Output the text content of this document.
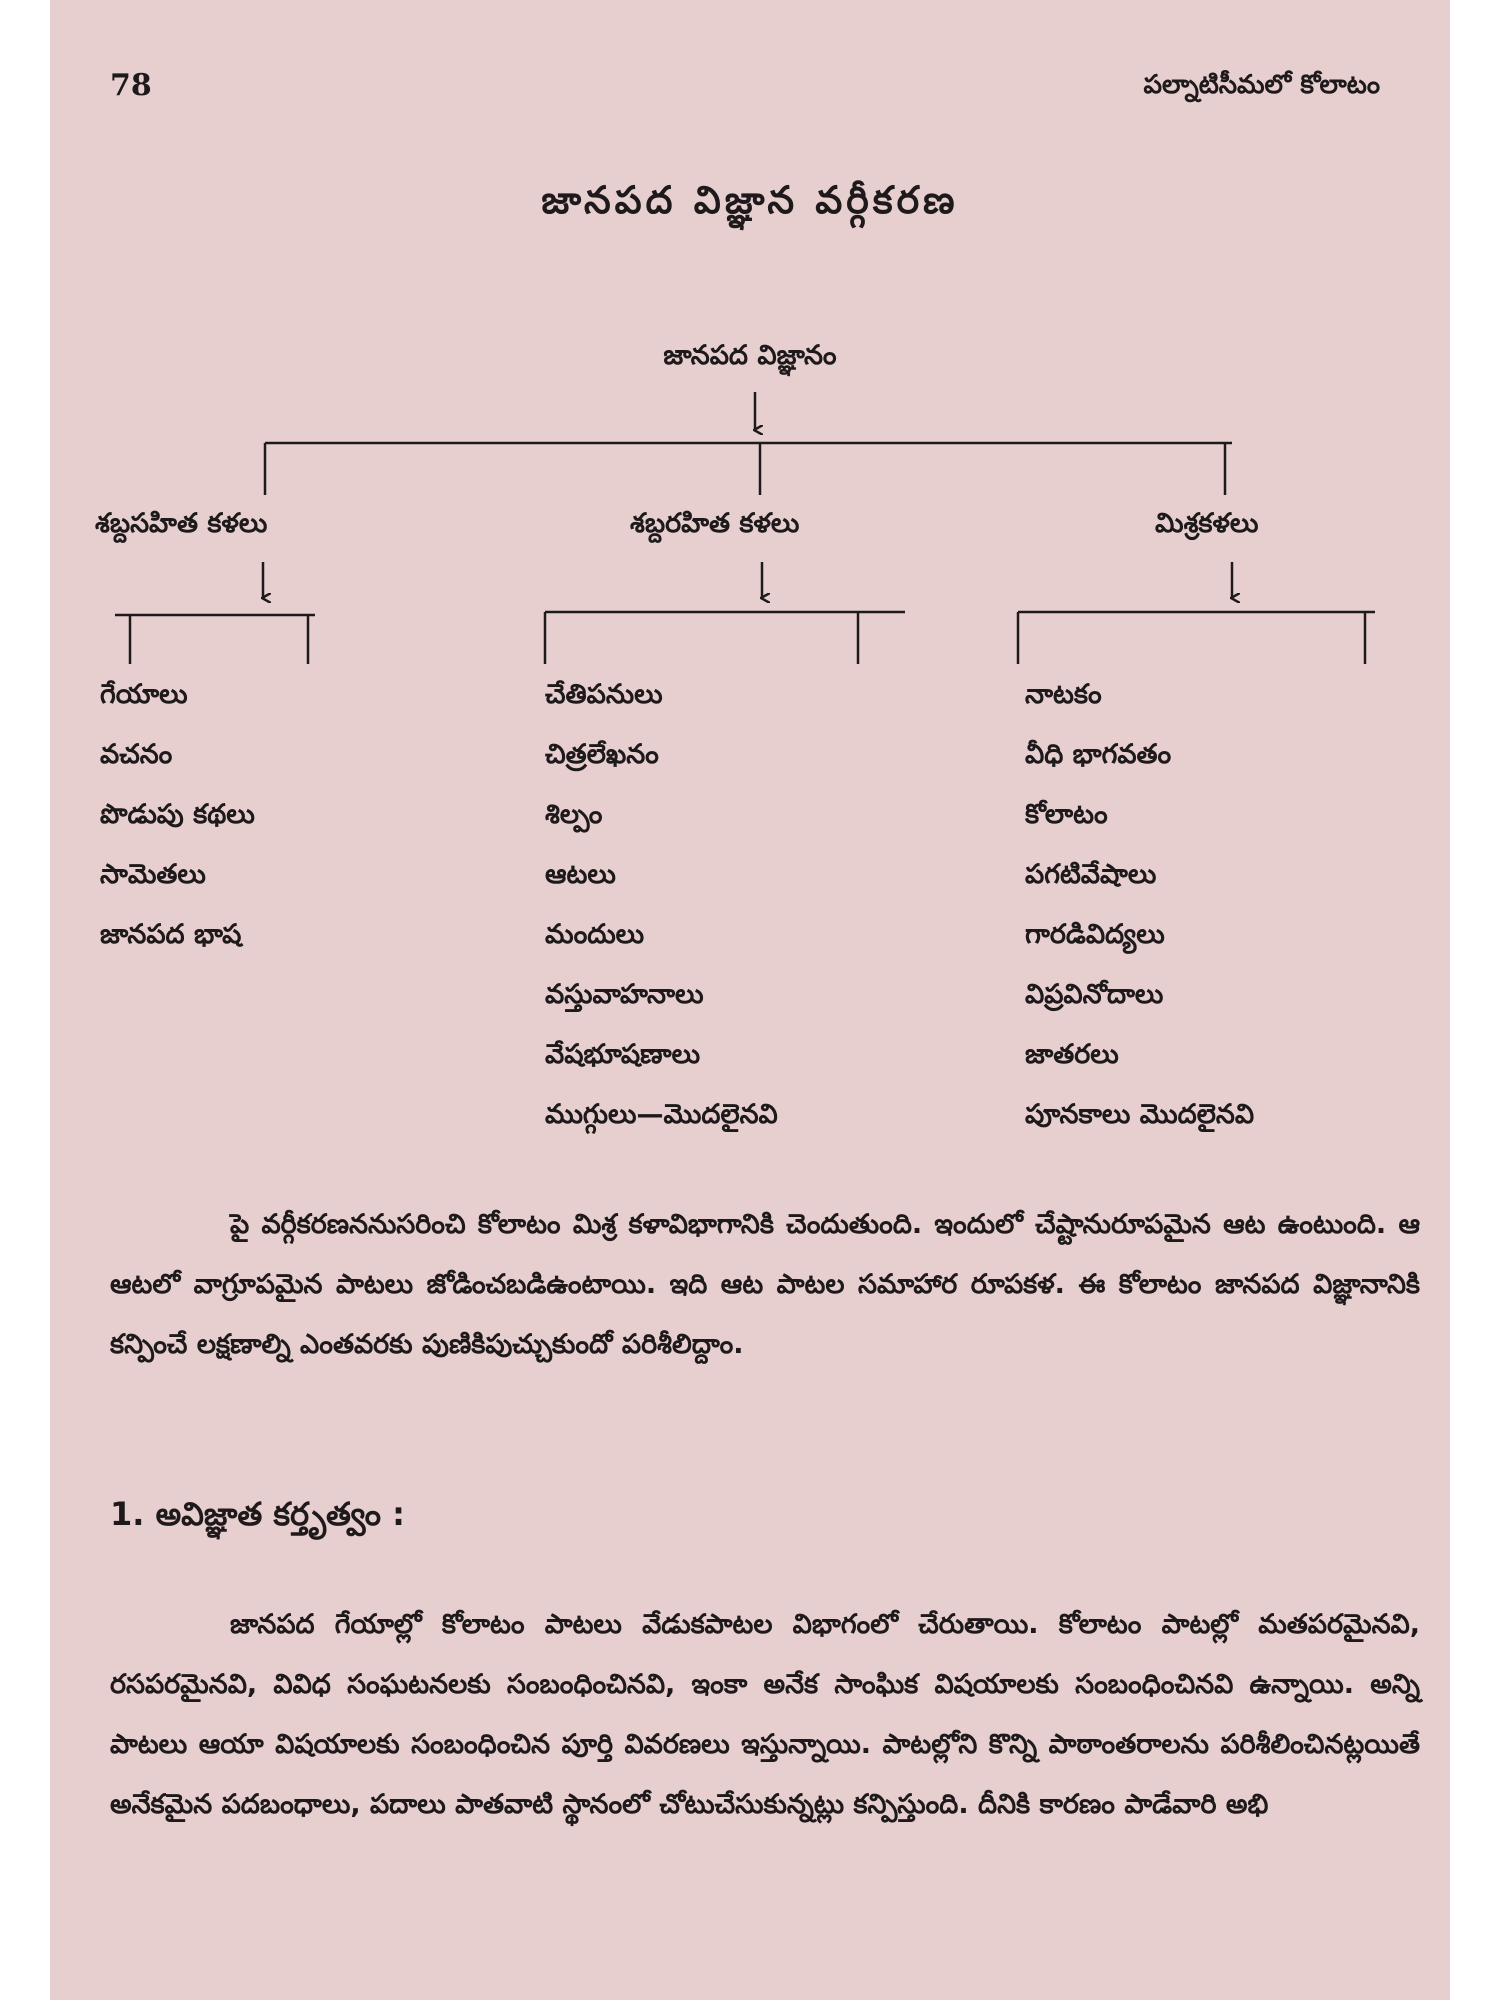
78	పల్నాటిసీమలో కోలాటం
జానపద విజ్ఞాన వర్గీకరణ
జానపద విజ్ఞానం
శబ్దసహిత కళలు	శబ్దరహిత కళలు	మిశ్రకళలు
గేయాలు
వచనం
పొడుపు కథలు
సామెతలు
జానపద భాష
చేతిపనులు
చిత్రలేఖనం
శిల్పం
ఆటలు
మందులు
వస్తువాహనాలు
వేషభూషణాలు
ముగ్గులు—మొదలైనవి
నాటకం
వీధి భాగవతం
కోలాటం
పగటివేషాలు
గారడివిద్యలు
విప్రవినోదాలు
జాతరలు
పూనకాలు మొదలైనవి

పై వర్గీకరణననుసరించి కోలాటం మిశ్ర కళావిభాగానికి చెందుతుంది. ఇందులో చేష్టానురూపమైన ఆట ఉంటుంది. ఆ ఆటలో వాగ్రూపమైన పాటలు జోడించబడిఉంటాయి. ఇది ఆట పాటల సమాహార రూపకళ. ఈ కోలాటం జానపద విజ్ఞానానికి కన్పించే లక్షణాల్ని ఎంతవరకు పుణికిపుచ్చుకుందో పరిశీలిద్దాం.

1. అవిజ్ఞాత కర్తృత్వం :

జానపద గేయాల్లో కోలాటం పాటలు వేడుకపాటల విభాగంలో చేరుతాయి. కోలాటం పాటల్లో మతపరమైనవి, రసపరమైనవి, వివిధ సంఘటనలకు సంబంధించినవి, ఇంకా అనేక సాంఘిక విషయాలకు సంబంధించినవి ఉన్నాయి. అన్ని పాటలు ఆయా విషయాలకు సంబంధించిన పూర్తి వివరణలు ఇస్తున్నాయి. పాటల్లోని కొన్ని పాఠాంతరాలను పరిశీలించినట్లయితే అనేకమైన పదబంధాలు, పదాలు పాతవాటి స్థానంలో చోటుచేసుకున్నట్లు కన్పిస్తుంది. దీనికి కారణం పాడేవారి అభి
